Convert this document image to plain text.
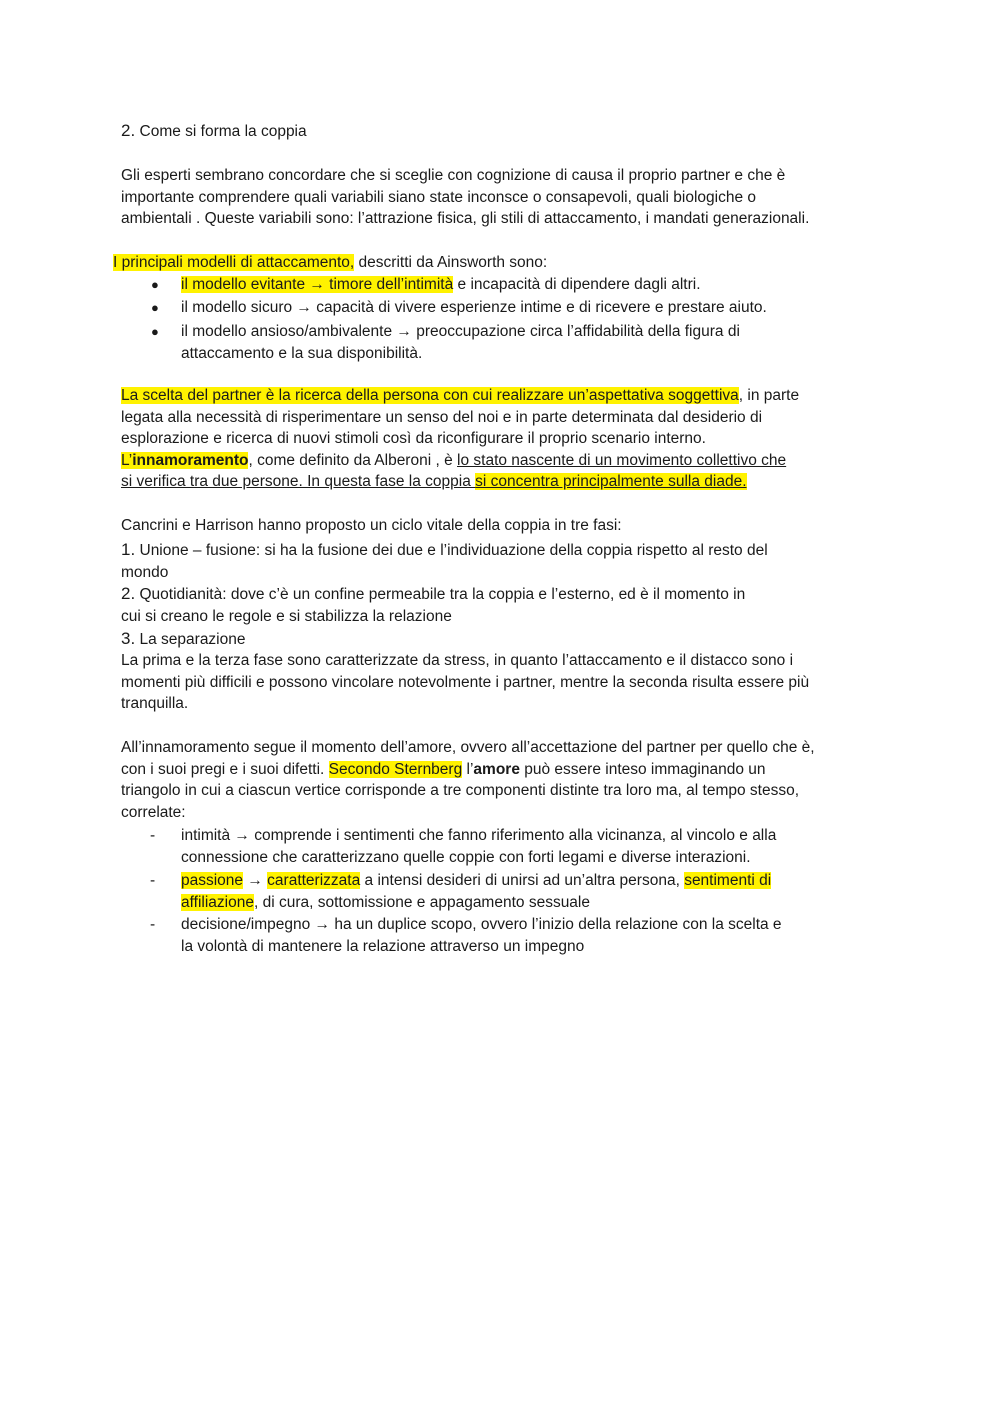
2. Come si forma la coppia
Gli esperti sembrano concordare che si sceglie con cognizione di causa il proprio partner e che è
importante comprendere quali variabili siano state inconsce o consapevoli, quali biologiche o
ambientali . Queste variabili sono: l’attrazione fisica, gli stili di attaccamento, i mandati generazionali.
I principali modelli di attaccamento, descritti da Ainsworth sono:
● il modello evitante → timore dell’intimità e incapacità di dipendere dagli altri.
● il modello sicuro → capacità di vivere esperienze intime e di ricevere e prestare aiuto.
● il modello ansioso/ambivalente → preoccupazione circa l’affidabilità della figura di
attaccamento e la sua disponibilità.
La scelta del partner è la ricerca della persona con cui realizzare un’aspettativa soggettiva, in parte
legata alla necessità di risperimentare un senso del noi e in parte determinata dal desiderio di
esplorazione e ricerca di nuovi stimoli così da riconfigurare il proprio scenario interno.
L’innamoramento, come definito da Alberoni , è lo stato nascente di un movimento collettivo che
si verifica tra due persone. In questa fase la coppia si concentra principalmente sulla diade.
Cancrini e Harrison hanno proposto un ciclo vitale della coppia in tre fasi:
1. Unione – fusione: si ha la fusione dei due e l’individuazione della coppia rispetto al resto del
mondo
2. Quotidianità: dove c’è un confine permeabile tra la coppia e l’esterno, ed è il momento in
cui si creano le regole e si stabilizza la relazione
3. La separazione
La prima e la terza fase sono caratterizzate da stress, in quanto l’attaccamento e il distacco sono i
momenti più difficili e possono vincolare notevolmente i partner, mentre la seconda risulta essere più
tranquilla.
All’innamoramento segue il momento dell’amore, ovvero all’accettazione del partner per quello che è,
con i suoi pregi e i suoi difetti. Secondo Sternberg l’amore può essere inteso immaginando un
triangolo in cui a ciascun vertice corrisponde a tre componenti distinte tra loro ma, al tempo stesso,
correlate:
- intimità → comprende i sentimenti che fanno riferimento alla vicinanza, al vincolo e alla
connessione che caratterizzano quelle coppie con forti legami e diverse interazioni.
- passione → caratterizzata a intensi desideri di unirsi ad un’altra persona, sentimenti di
affiliazione, di cura, sottomissione e appagamento sessuale
- decisione/impegno → ha un duplice scopo, ovvero l’inizio della relazione con la scelta e
la volontà di mantenere la relazione attraverso un impegno
